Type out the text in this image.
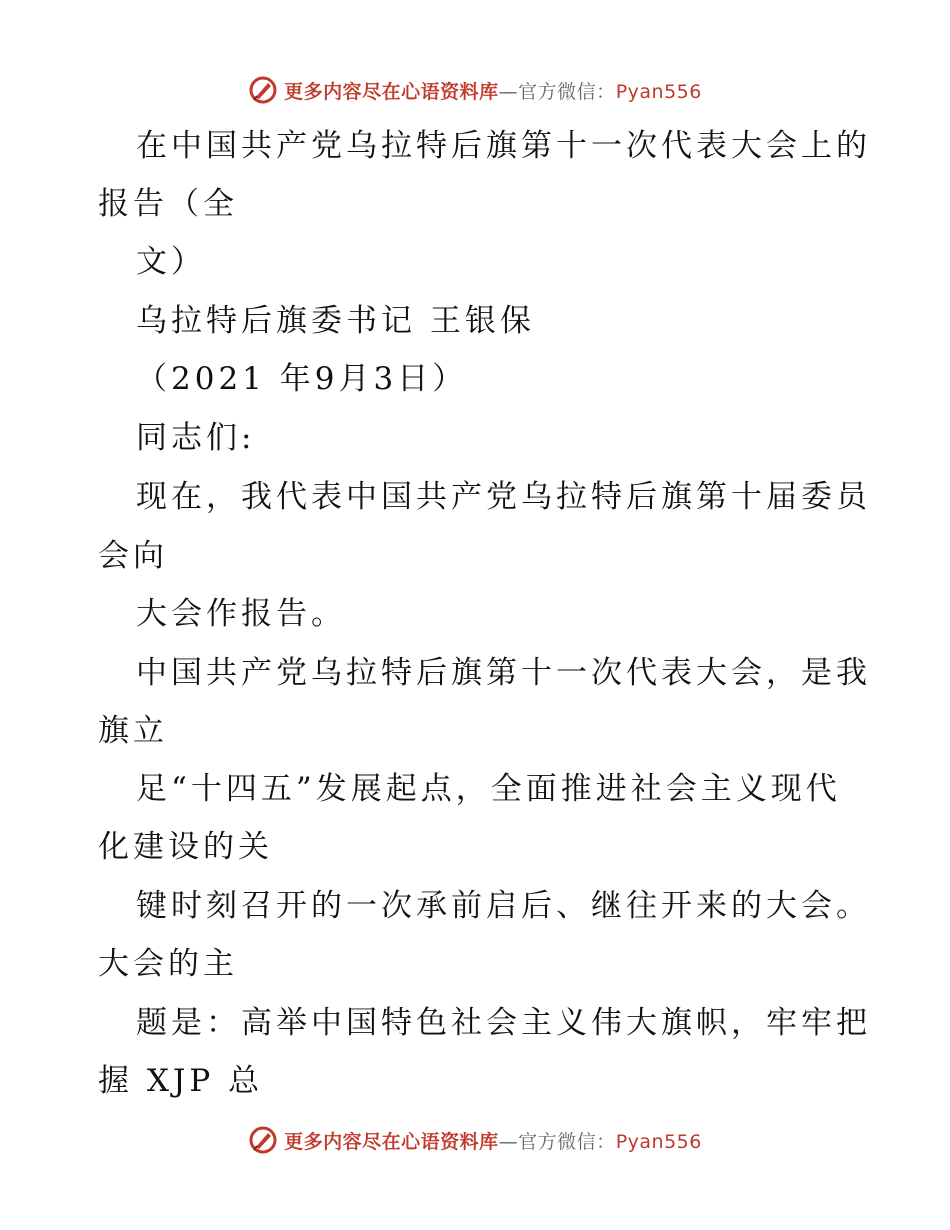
更多内容尽在心语资料库—官方微信：Pyan556
在中国共产党乌拉特后旗第十一次代表大会上的
报告（全
文）
乌拉特后旗委书记 王银保
（2021 年9月3日）
同志们:
现在，我代表中国共产党乌拉特后旗第十届委员
会向
大会作报告。
中国共产党乌拉特后旗第十一次代表大会，是我
旗立
足“十四五”发展起点，全面推进社会主义现代
化建设的关
键时刻召开的一次承前启后、继往开来的大会。
大会的主
题是：高举中国特色社会主义伟大旗帜，牢牢把
握 XJP 总
更多内容尽在心语资料库—官方微信：Pyan556
